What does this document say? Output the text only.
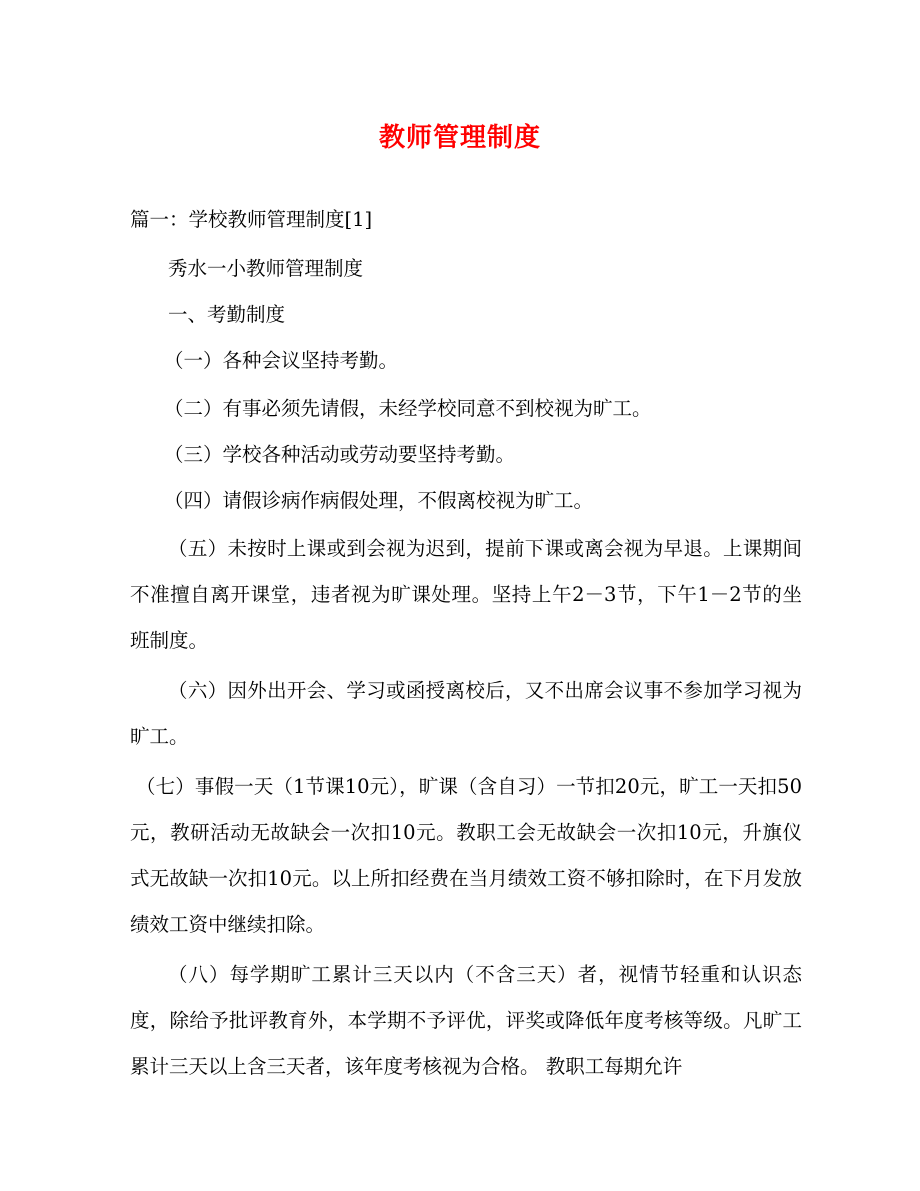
教师管理制度

篇一：学校教师管理制度[1]

秀水一小教师管理制度

一、考勤制度

（一）各种会议坚持考勤。

（二）有事必须先请假，未经学校同意不到校视为旷工。

（三）学校各种活动或劳动要坚持考勤。

（四）请假诊病作病假处理，不假离校视为旷工。

（五）未按时上课或到会视为迟到，提前下课或离会视为早退。上课期间不准擅自离开课堂，违者视为旷课处理。坚持上午2－3节，下午1－2节的坐班制度。

（六）因外出开会、学习或函授离校后，又不出席会议事不参加学习视为旷工。

（七）事假一天（1节课10元），旷课（含自习）一节扣20元，旷工一天扣50元，教研活动无故缺会一次扣10元。教职工会无故缺会一次扣10元，升旗仪式无故缺一次扣10元。以上所扣经费在当月绩效工资不够扣除时，在下月发放绩效工资中继续扣除。

（八）每学期旷工累计三天以内（不含三天）者，视情节轻重和认识态度，除给予批评教育外，本学期不予评优，评奖或降低年度考核等级。凡旷工累计三天以上含三天者，该年度考核视为合格。 教职工每期允许
